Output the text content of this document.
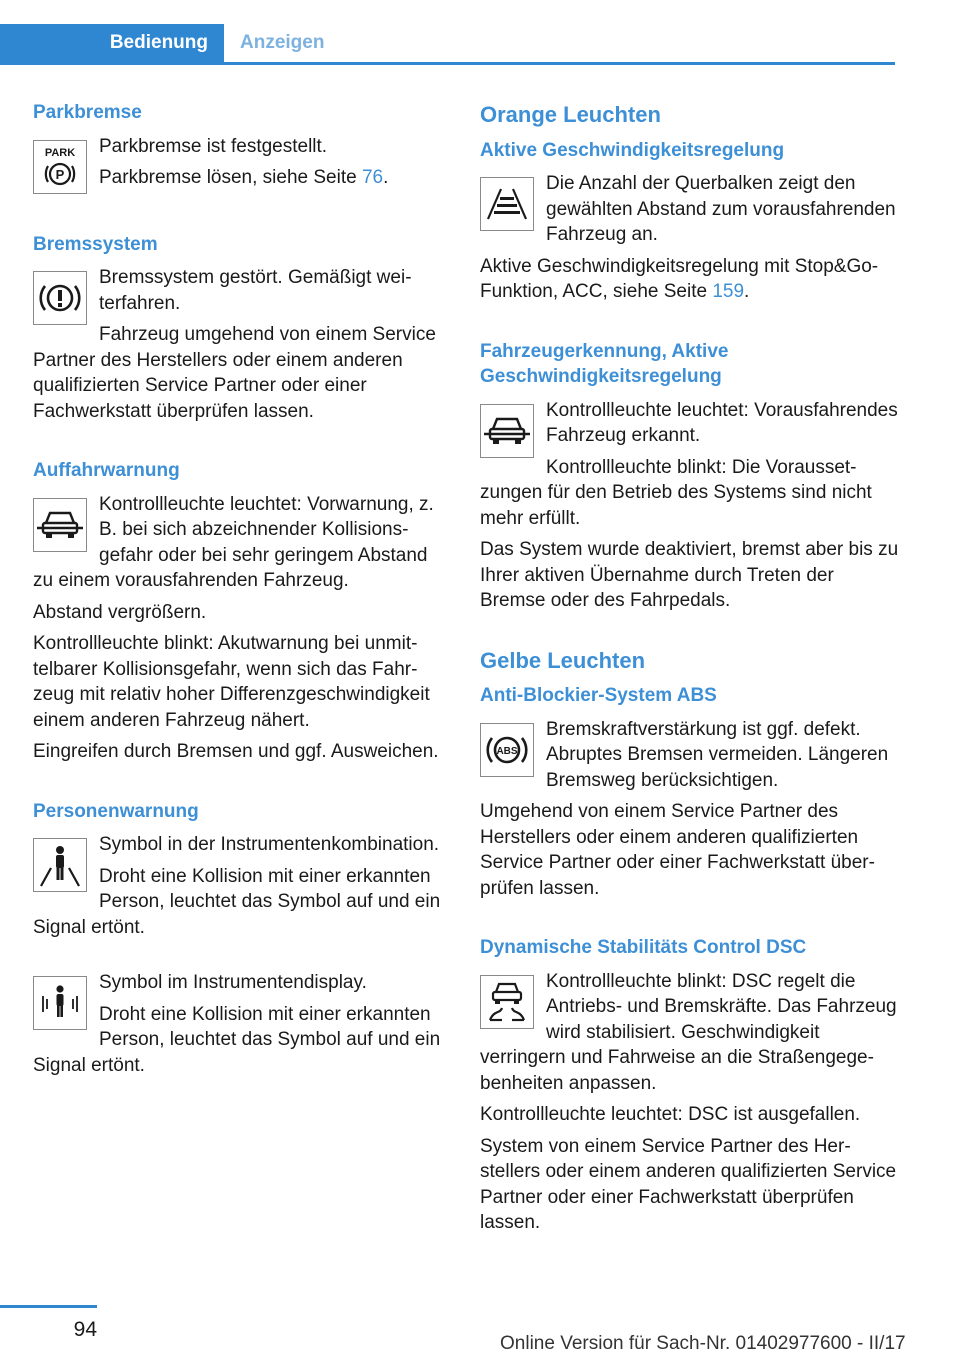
Bedienung	Anzeigen
Parkbremse
PARK
P

Parkbremse ist festgestellt.

Parkbremse lösen, siehe Seite 76.

Bremssystem

Bremssystem gestört. Gemäßigt weiterfahren.

Fahrzeug umgehend von einem Service Partner des Herstellers oder einem anderen qualifizierten Service Partner oder einer Fachwerkstatt überprüfen lassen.

Auffahrwarnung

Kontrollleuchte leuchtet: Vorwarnung, z. B. bei sich abzeichnender Kollisionsgefahr oder bei sehr geringem Abstand zu einem vorausfahrenden Fahrzeug.

Abstand vergrößern.

Kontrollleuchte blinkt: Akutwarnung bei unmittelbarer Kollisionsgefahr, wenn sich das Fahrzeug mit relativ hoher Differenzgeschwindigkeit einem anderen Fahrzeug nähert.

Eingreifen durch Bremsen und ggf. Ausweichen.

Personenwarnung

Symbol in der Instrumentenkombination.

Droht eine Kollision mit einer erkannten Person, leuchtet das Symbol auf und ein Signal ertönt.

Symbol im Instrumentendisplay.

Droht eine Kollision mit einer erkannten Person, leuchtet das Symbol auf und ein Signal ertönt.

Orange Leuchten
Aktive Geschwindigkeitsregelung

Die Anzahl der Querbalken zeigt den gewählten Abstand zum vorausfahrenden Fahrzeug an.

Aktive Geschwindigkeitsregelung mit Stop&Go-Funktion, ACC, siehe Seite 159.

Fahrzeugerkennung, Aktive Geschwindigkeitsregelung

Kontrollleuchte leuchtet: Vorausfahrendes Fahrzeug erkannt.

Kontrollleuchte blinkt: Die Voraussetzungen für den Betrieb des Systems sind nicht mehr erfüllt.

Das System wurde deaktiviert, bremst aber bis zu Ihrer aktiven Übernahme durch Treten der Bremse oder des Fahrpedals.

Gelbe Leuchten
Anti-Blockier-System ABS
ABS

Bremskraftverstärkung ist ggf. defekt. Abruptes Bremsen vermeiden. Längeren Bremsweg berücksichtigen.

Umgehend von einem Service Partner des Herstellers oder einem anderen qualifizierten Service Partner oder einer Fachwerkstatt überprüfen lassen.

Dynamische Stabilitäts Control DSC

Kontrollleuchte blinkt: DSC regelt die Antriebs- und Bremskräfte. Das Fahrzeug wird stabilisiert. Geschwindigkeit verringern und Fahrweise an die Straßengegebenheiten anpassen.

Kontrollleuchte leuchtet: DSC ist ausgefallen.

System von einem Service Partner des Herstellers oder einem anderen qualifizierten Service Partner oder einer Fachwerkstatt überprüfen lassen.

94
Online Version für Sach-Nr. 01402977600 - II/17
